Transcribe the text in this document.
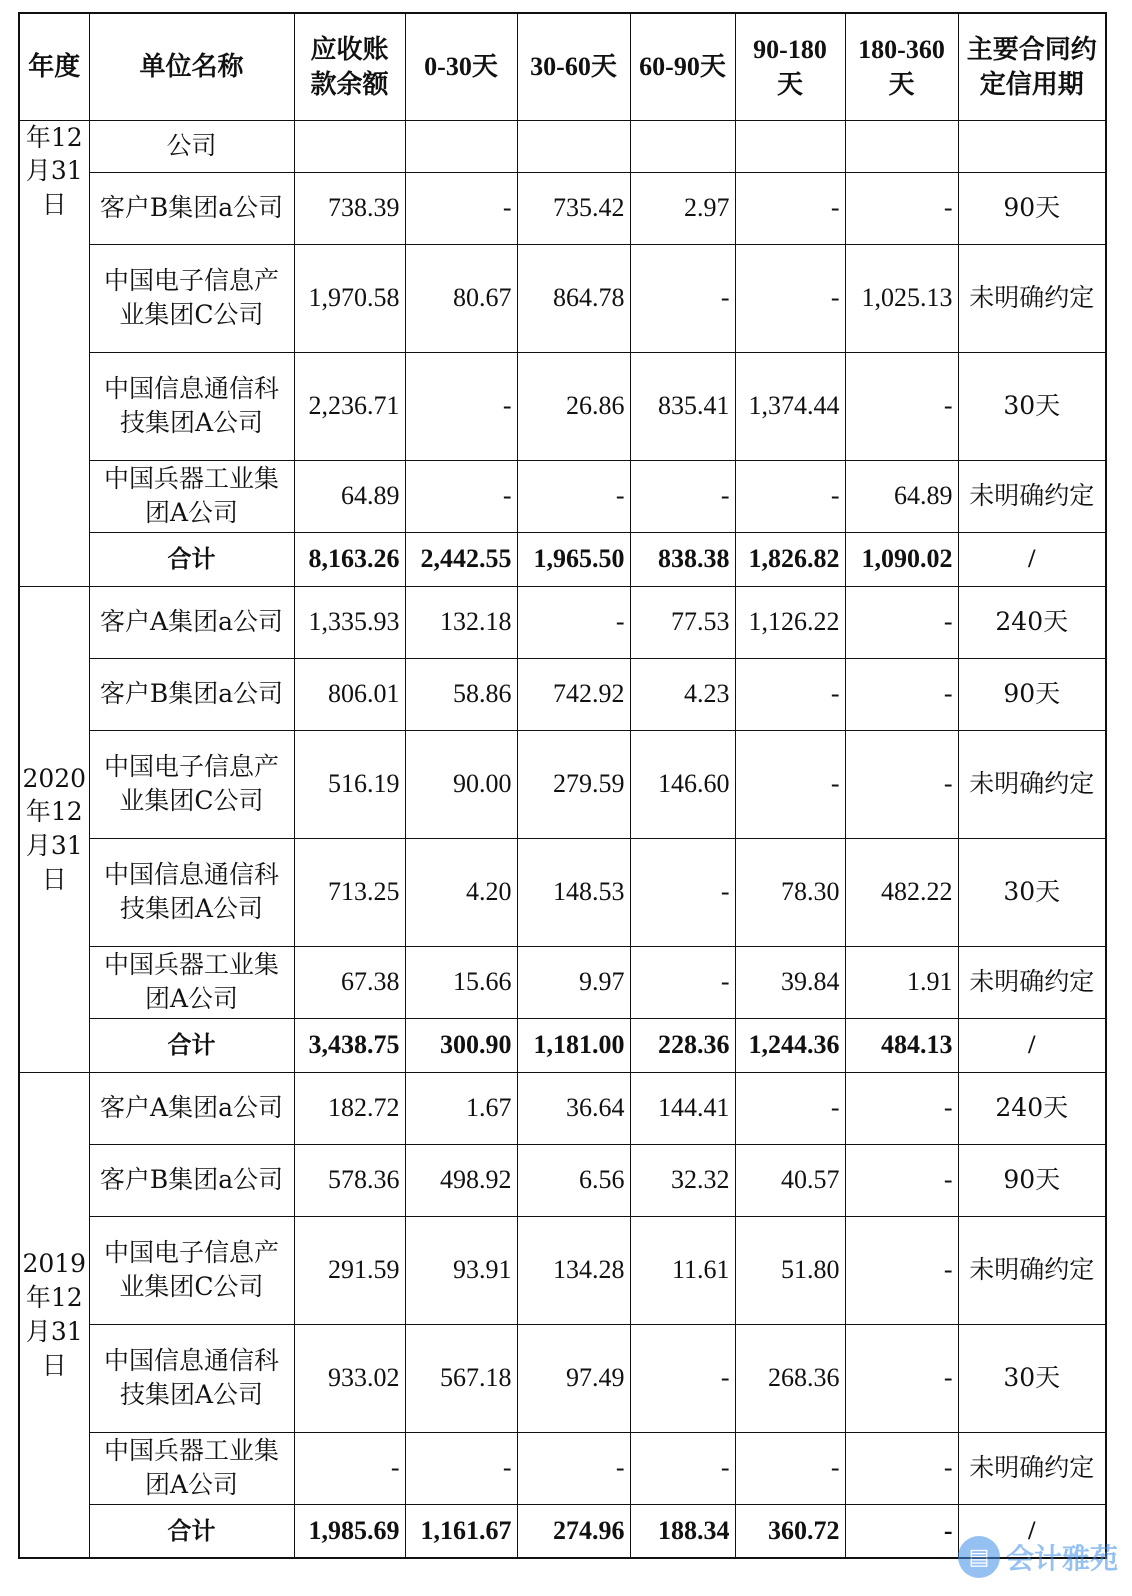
年度	单位名称	应收账款余额	0-30天	30-60天	60-90天	90-180天	180-360天	主要合同约定信用期
年12月31日	公司							
	客户B集团a公司	738.39	-	735.42	2.97	-	-	90天
	中国电子信息产业集团C公司	1,970.58	80.67	864.78	-	-	1,025.13	未明确约定
	中国信息通信科技集团A公司	2,236.71	-	26.86	835.41	1,374.44	-	30天
	中国兵器工业集团A公司	64.89	-	-	-	-	64.89	未明确约定
	合计	8,163.26	2,442.55	1,965.50	838.38	1,826.82	1,090.02	/
2020年12月31日	客户A集团a公司	1,335.93	132.18	-	77.53	1,126.22	-	240天
	客户B集团a公司	806.01	58.86	742.92	4.23	-	-	90天
	中国电子信息产业集团C公司	516.19	90.00	279.59	146.60	-	-	未明确约定
	中国信息通信科技集团A公司	713.25	4.20	148.53	-	78.30	482.22	30天
	中国兵器工业集团A公司	67.38	15.66	9.97	-	39.84	1.91	未明确约定
	合计	3,438.75	300.90	1,181.00	228.36	1,244.36	484.13	/
2019年12月31日	客户A集团a公司	182.72	1.67	36.64	144.41	-	-	240天
	客户B集团a公司	578.36	498.92	6.56	32.32	40.57	-	90天
	中国电子信息产业集团C公司	291.59	93.91	134.28	11.61	51.80	-	未明确约定
	中国信息通信科技集团A公司	933.02	567.18	97.49	-	268.36	-	30天
	中国兵器工业集团A公司	-	-	-	-	-	-	未明确约定
	合计	1,985.69	1,161.67	274.96	188.34	360.72	-	/
▤ 会计雅苑
